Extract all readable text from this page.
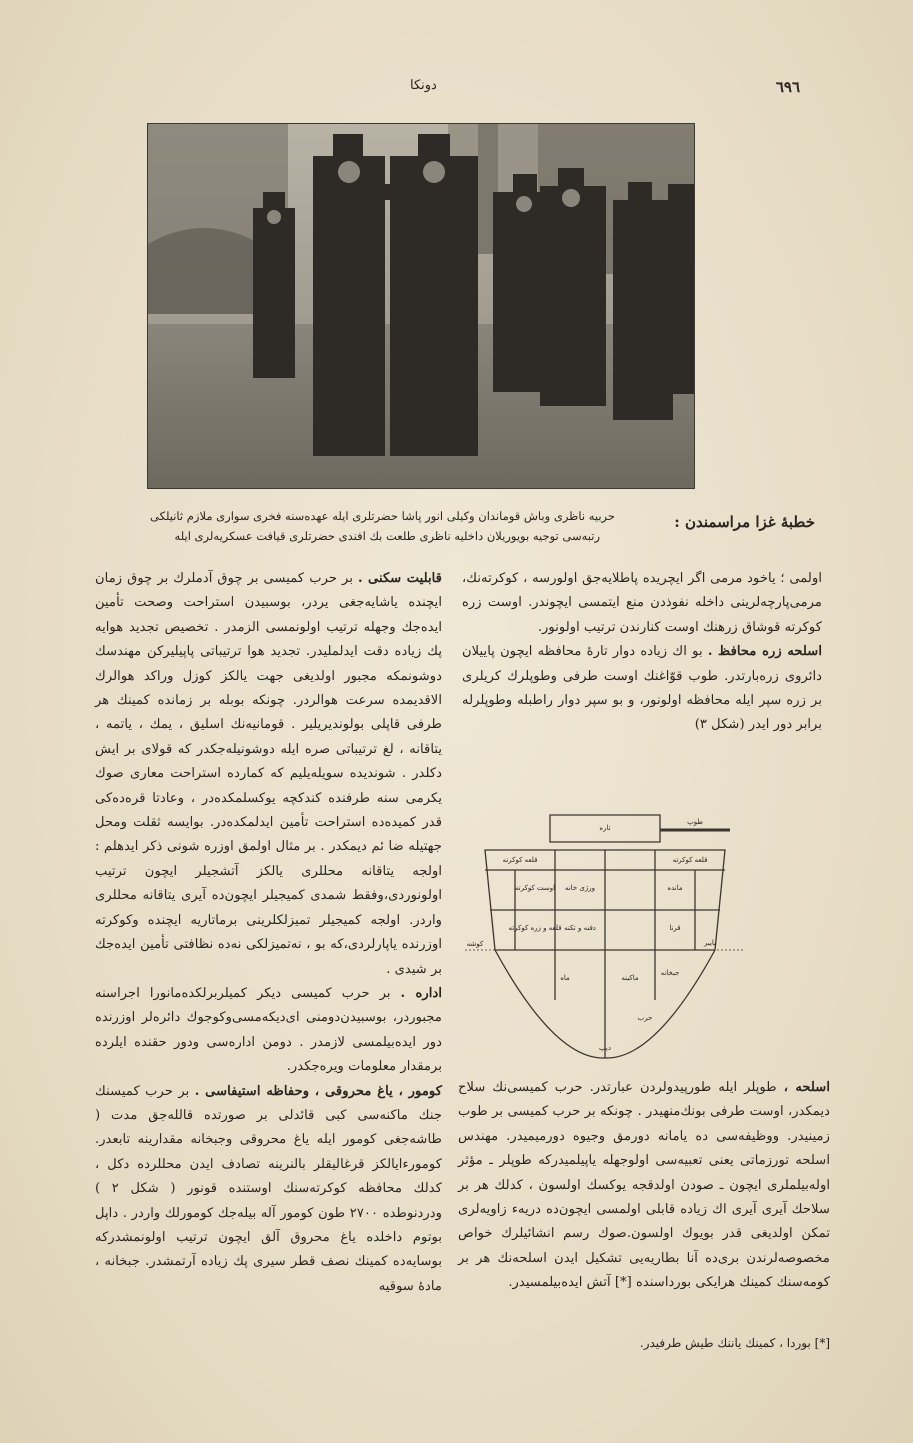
٦٩٦
دونکا
خطبهٔ غزا مراسمندن :
حربیه ناظری وباش قوماندان وکیلی انور پاشا حضرتلری ایله عهده‌سنه فخری سواری ملازم ثانیلکی
رتبه‌سی توجیه بویوریلان داخلیه ناظری طلعت بك افندی حضرتلری قیافت عسکریه‌لری ایله

اولمی ؛ یاخود مرمی اگر ایچریده پاطلایه‌جق اولورسه ، کوکرته‌نك، مرمی‌پارچه‌لرینی داخله نفوذدن منع ایتمسی ایچوندر. اوست زره کوکرته قوشاق زرهنك اوست کنارندن ترتیب اولونور.

اسلحه زره محافظ . بو اك زیاده دوار تارهٔ محافظه ایچون پاییلان دائروی زره‌بارتدر. طوب قوّاغنك اوست طرفی وطوپلرك کریلری بر زره سپر ایله محافظه اولونور، و بو سپر دوار راطبله وطوپلرله برابر دور ایدر (شکل ۳)

طوپ
تاره
قلعه کوکرته	قلعه کوکرته
اوست کوکرته
قلعه و زره کوکرته
ورژی خانه
دفنه و تکنه
مانده
قرنا
پایبر
دیپ
ماکینه
ماه
جبخانه
حرب
کوشه

اسلحه ، طوپلر ایله طورپیدولردن عبارتدر. حرب کمیسی‌نك سلاح دیمکدر، اوست طرفی بونك‌منهیدر . چونکه بر حرب کمیسی بر طوب زمینیدر. ووظیفه‌سی ده یامانه دورمق وجیوه دورمیمیدر. مهندس اسلحه تورزماتی یعنی تعبیه‌سی اولوجهله یاپیلمیدرکه طوپلر ـ مؤثر اوله‌بیلملری ایچون ـ صودن اولدقجه یوکسك اولسون ، کدلك هر بر سلاحك آیری آیری اك زیاده قابلی اولمسی ایچون‌ده دریه‌ء زاویه‌لری تمکن اولدیغی قدر بویوك اولسون.صوك رسم انشائیلرك خواص مخصوصه‌لرندن بری‌ده آنا بطاریه‌یی تشکیل ایدن اسلحه‌نك هر بر کومه‌سنك کمینك هرایکی بورداسنده [*] آتش ایده‌بیلمسیدر.

[*] بوردا ، کمینك یاننك طیش طرفیدر.

قابلیت سکنی . بر حرب کمیسی بر چوق آدملرك بر چوق زمان ایچنده یاشایه‌جغی یردر، بوسبیدن استراحت وصحت تأمین ایده‌جك وجهله ترتیب اولونمسی الزمدر . تخصیص تجدید هوایه پك زیاده دقت ایدلملیدر. تجدید هوا ترتیباتی پاپیلیرکن مهندسك دوشونمکه مجبور اولدیغی جهت یالکز کوزل وراکد هوالرك الاقدیمده سرعت هوالردر. چونکه بوبله بر زمانده کمینك هر طرفی قاپلی بولوندیریلیر . قومانیه‌نك اسلیق ، یمك ، یاتمه ، یتاقانه ، لغ ترتیباتی صره ایله دوشونیله‌جکدر که قولای بر ایش دکلدر . شوندیده سویله‌یلیم که کمارده استراحت معاری صوك یکرمی سنه طرفنده کندکچه یوکسلمکده‌در ، وعادتا قره‌ده‌کی قدر کمیده‌ده استراحت تأمین ایدلمکده‌در. بوایسه ثقلت ومحل جهتیله ضا ئم دیمکدر . بر مثال اولمق اوزره شونی ذکر ایدهلم : اولجه یتاقانه محللری یالکز آتشجیلر ایچون ترتیب اولونوردی،وفقط شمدی کمیجیلر ایچون‌ده آیری یتاقانه محللری واردر. اولجه کمیجیلر تمیزلکلرینی برماتاریه ایچنده وکوکرته اوزرنده یاپارلردی،که بو ، نه‌تمیزلکی نه‌ده نظافتی تأمین ایده‌جك بر شیدی .

اداره . بر حرب کمیسی دیکر کمیلر‌برلکده‌مانورا اجراسنه مجبوردر، بوسبیدن‌دومنی ای‌دیکه‌مسی‌وکوجوك دائره‌لر اوزرنده دور ایده‌بیلمسی لازمدر . دومن اداره‌سی ودور حقنده ایلرده برمقدار معلومات ویره‌جکدر.

کومور ، یاغ محروقی ، وحفاظه استیفاسی . بر حرب کمیسنك جنك ماکنه‌سی کبی قائدلی بر صورتده قالله‌جق مدت‌ ( طاشه‌جغی کومور ایله یاغ محروقی وجبخانه مقدارینه تابعدر. کومورءایالکز قرغالیقلر بالنرینه تصادف ایدن محللرده دکل ، کدلك محافظه کوکرته‌سنك اوستنده قونور ( شکل ۲ ) ودردنوطده ۲۷۰۰ طون کومور آله بیله‌جك کومورلك واردر . داپل بوتوم داخلده یاغ محروق آلق ایچون ترتیب اولونمشدرکه بوسایه‌ده کمینك نصف قطر سیری پك زیاده آرتمشدر. جبخانه ، مادهٔ سوقیه
